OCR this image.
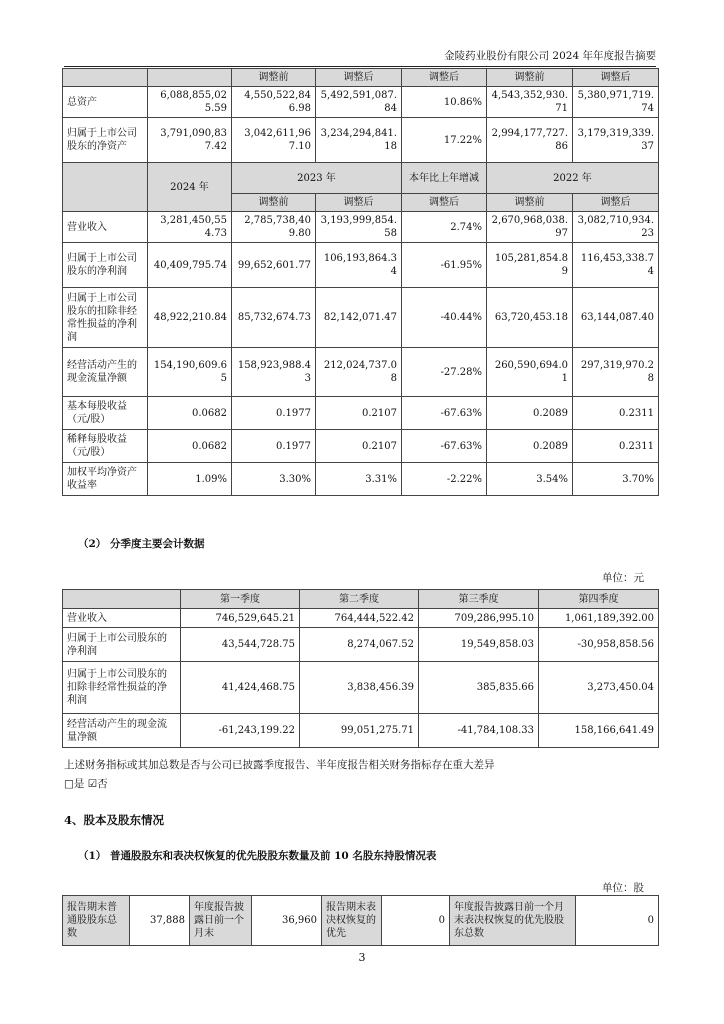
金陵药业股份有限公司 2024 年年度报告摘要
		调整前	调整后	调整后	调整前	调整后
总资产	6,088,855,025.59	4,550,522,846.98	5,492,591,087.84	10.86%	4,543,352,930.71	5,380,971,719.74
归属于上市公司股东的净资产	3,791,090,837.42	3,042,611,967.10	3,234,294,841.18	17.22%	2,994,177,727.86	3,179,319,339.37
	2024 年	2023 年		本年比上年增减	2022 年	
		调整前	调整后	调整后	调整前	调整后
营业收入	3,281,450,554.73	2,785,738,409.80	3,193,999,854.58	2.74%	2,670,968,038.97	3,082,710,934.23
归属于上市公司股东的净利润	40,409,795.74	99,652,601.77	106,193,864.34	-61.95%	105,281,854.89	116,453,338.74
归属于上市公司股东的扣除非经常性损益的净利润	48,922,210.84	85,732,674.73	82,142,071.47	-40.44%	63,720,453.18	63,144,087.40
经营活动产生的现金流量净额	154,190,609.65	158,923,988.43	212,024,737.08	-27.28%	260,590,694.01	297,319,970.28
基本每股收益（元/股）	0.0682	0.1977	0.2107	-67.63%	0.2089	0.2311
稀释每股收益（元/股）	0.0682	0.1977	0.2107	-67.63%	0.2089	0.2311
加权平均净资产收益率	1.09%	3.30%	3.31%	-2.22%	3.54%	3.70%
（2） 分季度主要会计数据
单位：元
	第一季度	第二季度	第三季度	第四季度
营业收入	746,529,645.21	764,444,522.42	709,286,995.10	1,061,189,392.00
归属于上市公司股东的净利润	43,544,728.75	8,274,067.52	19,549,858.03	-30,958,858.56
归属于上市公司股东的扣除非经常性损益的净利润	41,424,468.75	3,838,456.39	385,835.66	3,273,450.04
经营活动产生的现金流量净额	-61,243,199.22	99,051,275.71	-41,784,108.33	158,166,641.49
上述财务指标或其加总数是否与公司已披露季度报告、半年度报告相关财务指标存在重大差异
□是 ☑否
4、股本及股东情况
（1） 普通股股东和表决权恢复的优先股股东数量及前 10 名股东持股情况表
单位：股
报告期末普通股股东总数	37,888	年度报告披露日前一个月末	36,960	报告期末表决权恢复的优先	0	年度报告披露日前一个月末表决权恢复的优先股股东总数	0
3
